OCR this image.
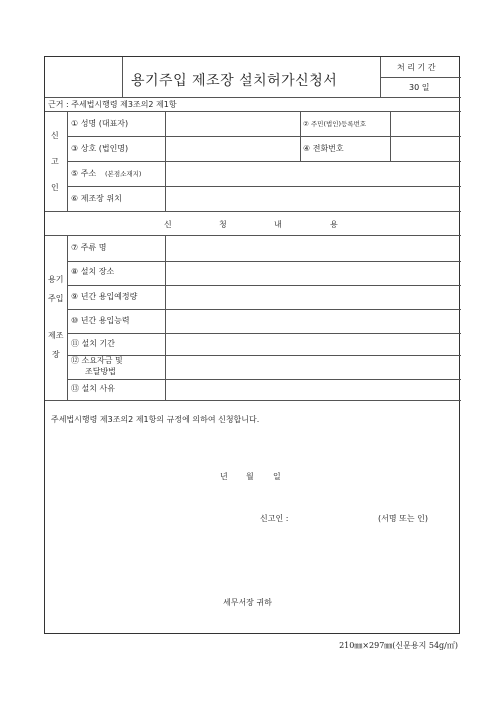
용기주입 제조장 설치허가신청서
처 리 기 간
30 일
근거 : 주세법시행령 제3조의2 제1항
신
고
인
① 성명 (대표자)	② 주민(법인)등록번호
③ 상호 (법인명)	④ 전화번호
⑤ 주소 (본점소재지)
⑥ 제조장 위치
신	청	내	용
용기
주입
제조
장
⑦ 주류 명
⑧ 설치 장소
⑨ 년간 용입예정량
⑩ 년간 용입능력
⑪ 설치 기간
⑫ 소요자금 및
조달방법
⑬ 설치 사유
주세법시행령 제3조의2 제1항의 규정에 의하여 신청합니다.
년 월 일
신고인 :	(서명 또는 인)
세무서장 귀하
210㎜×297㎜(신문용지 54g/㎡)
